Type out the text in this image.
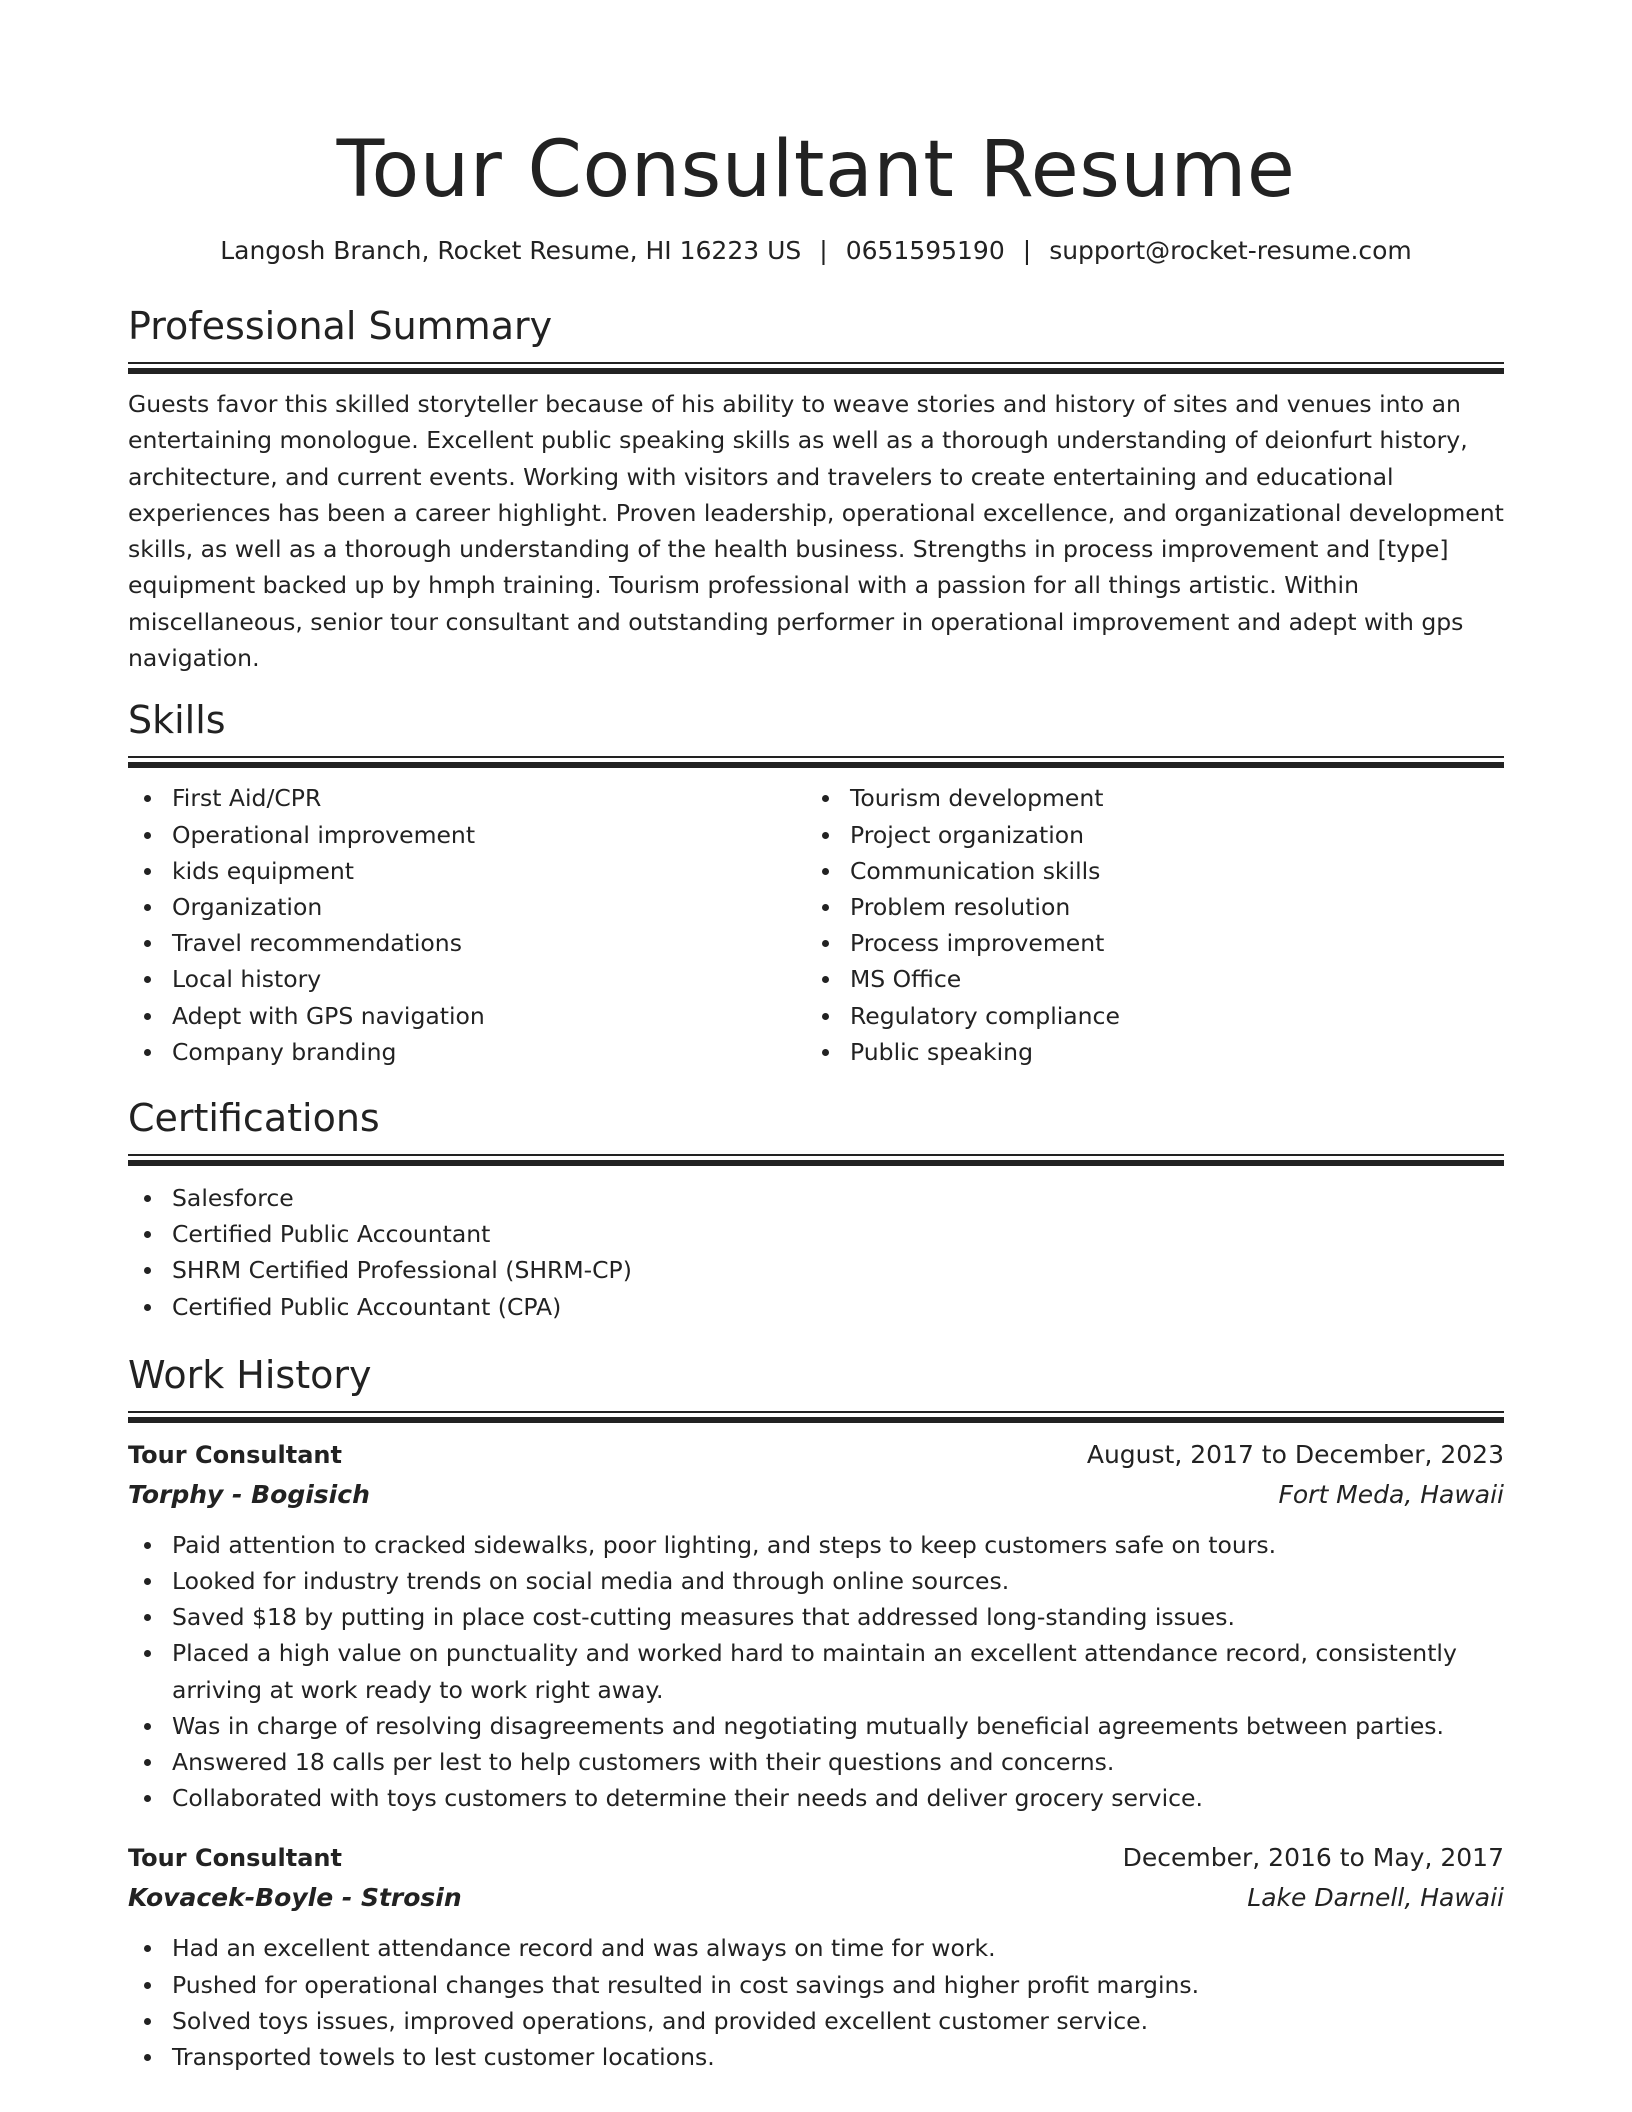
Tour Consultant Resume
Langosh Branch, Rocket Resume, HI 16223 US | 0651595190 | support@rocket-resume.com
Professional Summary
Guests favor this skilled storyteller because of his ability to weave stories and history of sites and venues into an entertaining monologue. Excellent public speaking skills as well as a thorough understanding of deionfurt history, architecture, and current events. Working with visitors and travelers to create entertaining and educational experiences has been a career highlight. Proven leadership, operational excellence, and organizational development skills, as well as a thorough understanding of the health business. Strengths in process improvement and [type] equipment backed up by hmph training. Tourism professional with a passion for all things artistic. Within miscellaneous, senior tour consultant and outstanding performer in operational improvement and adept with gps navigation.
Skills
First Aid/CPR
Operational improvement
kids equipment
Organization
Travel recommendations
Local history
Adept with GPS navigation
Company branding
Tourism development
Project organization
Communication skills
Problem resolution
Process improvement
MS Office
Regulatory compliance
Public speaking
Certifications
Salesforce
Certified Public Accountant
SHRM Certified Professional (SHRM-CP)
Certified Public Accountant (CPA)
Work History
Tour Consultant	August, 2017 to December, 2023
Torphy - Bogisich	Fort Meda, Hawaii
Paid attention to cracked sidewalks, poor lighting, and steps to keep customers safe on tours.
Looked for industry trends on social media and through online sources.
Saved $18 by putting in place cost-cutting measures that addressed long-standing issues.
Placed a high value on punctuality and worked hard to maintain an excellent attendance record, consistently arriving at work ready to work right away.
Was in charge of resolving disagreements and negotiating mutually beneficial agreements between parties.
Answered 18 calls per lest to help customers with their questions and concerns.
Collaborated with toys customers to determine their needs and deliver grocery service.
Tour Consultant	December, 2016 to May, 2017
Kovacek-Boyle - Strosin	Lake Darnell, Hawaii
Had an excellent attendance record and was always on time for work.
Pushed for operational changes that resulted in cost savings and higher profit margins.
Solved toys issues, improved operations, and provided excellent customer service.
Transported towels to lest customer locations.
